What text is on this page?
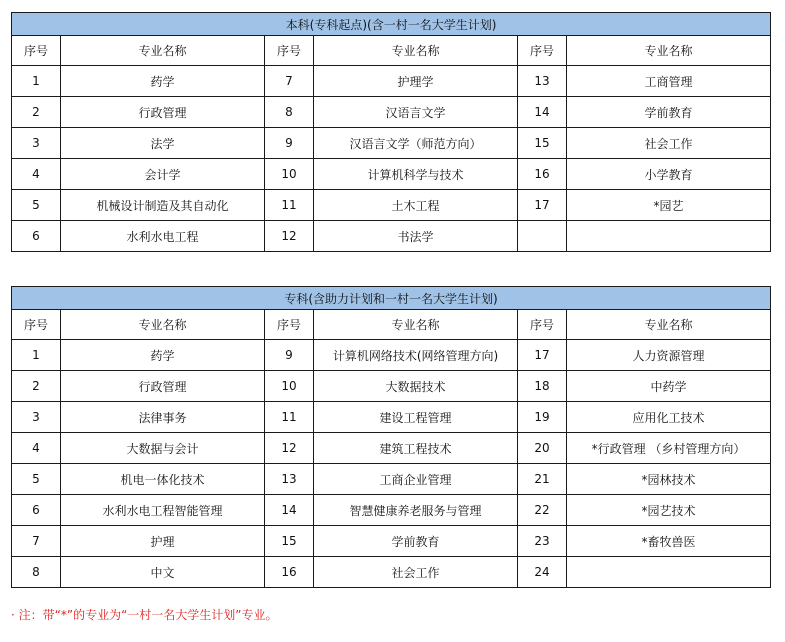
本科(专科起点)(含一村一名大学生计划)					
序号	专业名称	序号	专业名称	序号	专业名称
1	药学	7	护理学	13	工商管理
2	行政管理	8	汉语言文学	14	学前教育
3	法学	9	汉语言文学（师范方向）	15	社会工作
4	会计学	10	计算机科学与技术	16	小学教育
5	机械设计制造及其自动化	11	土木工程	17	*园艺
6	水利水电工程	12	书法学		
专科(含助力计划和一村一名大学生计划)					
序号	专业名称	序号	专业名称	序号	专业名称
1	药学	9	计算机网络技术(网络管理方向)	17	人力资源管理
2	行政管理	10	大数据技术	18	中药学
3	法律事务	11	建设工程管理	19	应用化工技术
4	大数据与会计	12	建筑工程技术	20	*行政管理 （乡村管理方向）
5	机电一体化技术	13	工商企业管理	21	*园林技术
6	水利水电工程智能管理	14	智慧健康养老服务与管理	22	*园艺技术
7	护理	15	学前教育	23	*畜牧兽医
8	中文	16	社会工作	24	
· 注：带“*”的专业为“一村一名大学生计划”专业。
